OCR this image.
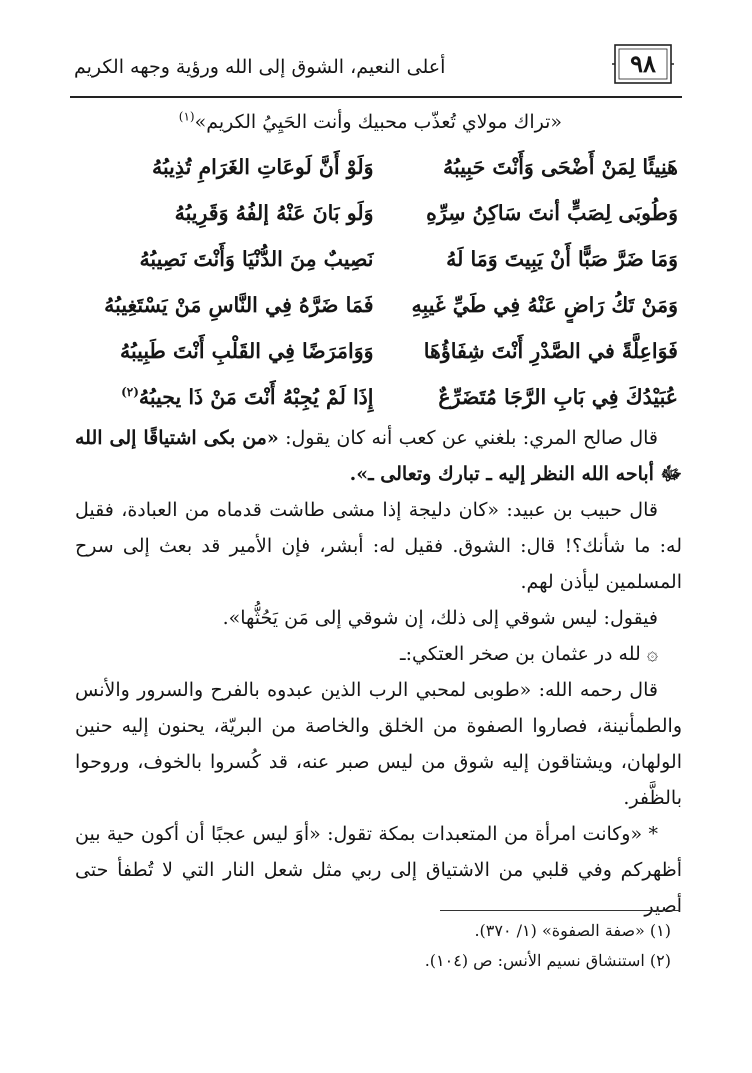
٩٨
أعلى النعيم، الشوق إلى الله ورؤية وجهه الكريم

«تراك مولاي تُعذّب محبيك وأنت الحَيِيُ الكريم»$^{(١)}$

هَنِيئًا لِمَنْ أَضْحَى وَأَنْتَ حَبِيبُهُ
وَلَوْ أَنَّ لَوعَاتِ الغَرَامِ تُذِيبُهُ
وَطُوبَى لِصَبٍّ أنتَ سَاكِنُ سِرِّهِ
وَلَو بَانَ عَنْهُ إلفُهُ وَقَرِيبُهُ
وَمَا ضَرَّ صَبًّا أَنْ يَبِيتَ وَمَا لَهُ
نَصِيبٌ مِنَ الدُّنْيَا وَأَنْتَ نَصِيبُهُ
وَمَنْ تَكُ رَاضٍ عَنْهُ فِي طَيِّ غَيبِهِ
فَمَا ضَرَّهُ فِي النَّاسِ مَنْ يَسْتَغِيبُهُ
فَوَاعِلَّةً في الصَّدْرِ أَنْتَ شِفَاؤُهَا
وَوَامَرَضًا فِي القَلْبِ أَنْتَ طَبِيبُهُ
عُبَيْدُكَ فِي بَابِ الرَّجَا مُتَضَرِّعٌ
إِذَا لَمْ يُجِبْهُ أَنْتَ مَنْ ذَا يجيبُهُ$^{(٢)}$

قال صالح المري: بلغني عن كعب أنه كان يقول: «من بكى اشتياقًا إلى الله ﷻ أباحه الله النظر إليه ـ تبارك وتعالى ـ».

قال حبيب بن عبيد: «كان دليجة إذا مشى طاشت قدماه من العبادة، فقيل له: ما شأنك؟! قال: الشوق. فقيل له: أبشر، فإن الأمير قد بعث إلى سرح المسلمين ليأذن لهم.

فيقول: ليس شوقي إلى ذلك، إن شوقي إلى مَن يَحُثُّها».

۞ لله در عثمان بن صخر العتكي:ـ

قال رحمه الله: «طوبى لمحبي الرب الذين عبدوه بالفرح والسرور والأنس والطمأنينة، فصاروا الصفوة من الخلق والخاصة من البريّة، يحنون إليه حنين الولهان، ويشتاقون إليه شوق من ليس صبر عنه، قد كُسروا بالخوف، وروحوا بالظَّفر.

* «وكانت امرأة من المتعبدات بمكة تقول: «أوَ ليس عجبًا أن أكون حية بين أظهركم وفي قلبي من الاشتياق إلى ربي مثل شعل النار التي لا تُطفأ حتى أصير

(١) «صفة الصفوة» (١/ ٣٧٠).
(٢) استنشاق نسيم الأنس: ص (١٠٤).
